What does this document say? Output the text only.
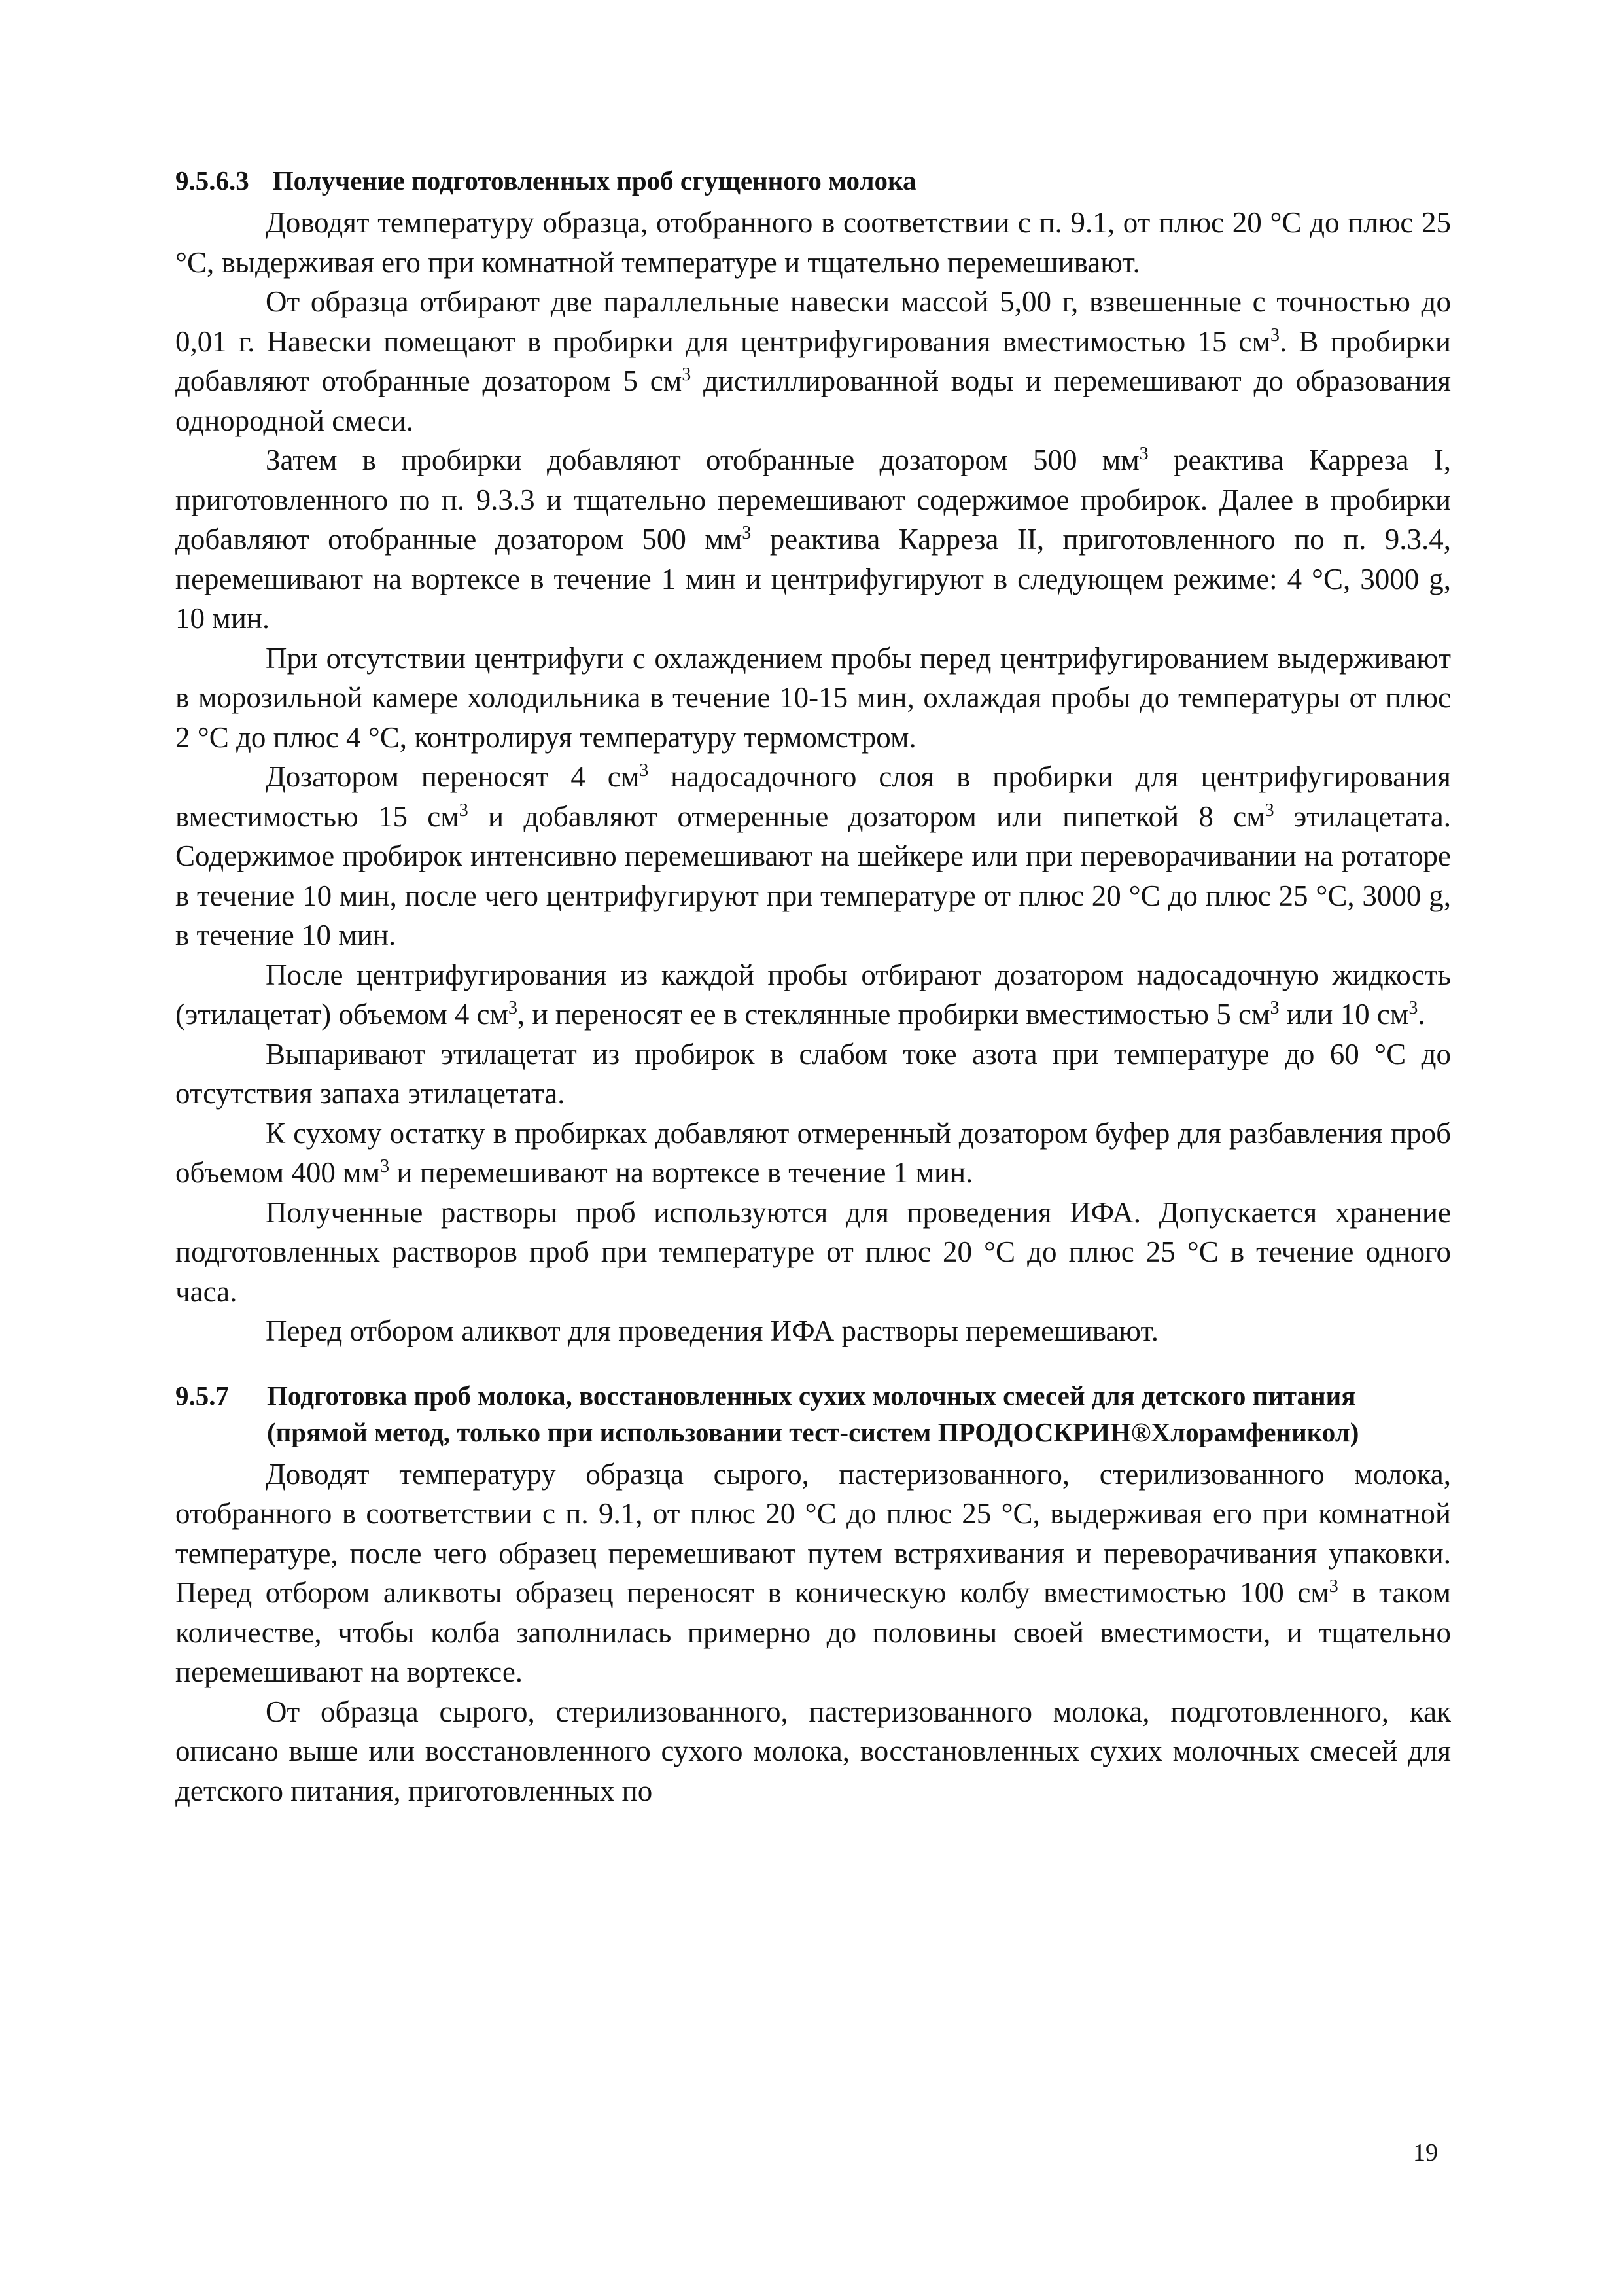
9.5.6.3 Получение подготовленных проб сгущенного молока

Доводят температуру образца, отобранного в соответствии с п. 9.1, от плюс 20 °С до плюс 25 °С, выдерживая его при комнатной температуре и тщательно перемешивают.

От образца отбирают две параллельные навески массой 5,00 г, взвешенные с точностью до 0,01 г. Навески помещают в пробирки для центрифугирования вместимостью 15 $см^3$. В пробирки добавляют отобранные дозатором 5 $см^3$ дистиллированной воды и перемешивают до образования однородной смеси.

Затем в пробирки добавляют отобранные дозатором 500 $мм^3$ реактива Карреза I, приготовленного по п. 9.3.3 и тщательно перемешивают содержимое пробирок. Далее в пробирки добавляют отобранные дозатором 500 $мм^3$ реактива Карреза II, приготовленного по п. 9.3.4, перемешивают на вортексе в течение 1 мин и центрифугируют в следующем режиме: 4 °С, 3000 g, 10 мин.

При отсутствии центрифуги с охлаждением пробы перед центрифугированием выдерживают в морозильной камере холодильника в течение 10-15 мин, охлаждая пробы до температуры от плюс 2 °С до плюс 4 °С, контролируя температуру термомстром.

Дозатором переносят 4 $см^3$ надосадочного слоя в пробирки для центрифугирования вместимостью 15 $см^3$ и добавляют отмеренные дозатором или пипеткой 8 $см^3$ этилацетата. Содержимое пробирок интенсивно перемешивают на шейкере или при переворачивании на ротаторе в течение 10 мин, после чего центрифугируют при температуре от плюс 20 °С до плюс 25 °С, 3000 g, в течение 10 мин.

После центрифугирования из каждой пробы отбирают дозатором надосадочную жидкость (этилацетат) объемом 4 $см^3$, и переносят ее в стеклянные пробирки вместимостью 5 $см^3$ или 10 $см^3$.

Выпаривают этилацетат из пробирок в слабом токе азота при температуре до 60 °С до отсутствия запаха этилацетата.

К сухому остатку в пробирках добавляют отмеренный дозатором буфер для разбавления проб объемом 400 $мм^3$ и перемешивают на вортексе в течение 1 мин.

Полученные растворы проб используются для проведения ИФА. Допускается хранение подготовленных растворов проб при температуре от плюс 20 °С до плюс 25 °С в течение одного часа.

Перед отбором аликвот для проведения ИФА растворы перемешивают.

9.5.7	Подготовка проб молока, восстановленных сухих молочных смесей для детского питания (прямой метод, только при использовании тест-систем ПРОДОСКРИН®Хлорамфеникол)

Доводят температуру образца сырого, пастеризованного, стерилизованного молока, отобранного в соответствии с п. 9.1, от плюс 20 °С до плюс 25 °С, выдерживая его при комнатной температуре, после чего образец перемешивают путем встряхивания и переворачивания упаковки. Перед отбором аликвоты образец переносят в коническую колбу вместимостью 100 $см^3$ в таком количестве, чтобы колба заполнилась примерно до половины своей вместимости, и тщательно перемешивают на вортексе.

От образца сырого, стерилизованного, пастеризованного молока, подготовленного, как описано выше или восстановленного сухого молока, восстановленных сухих молочных смесей для детского питания, приготовленных по

19
